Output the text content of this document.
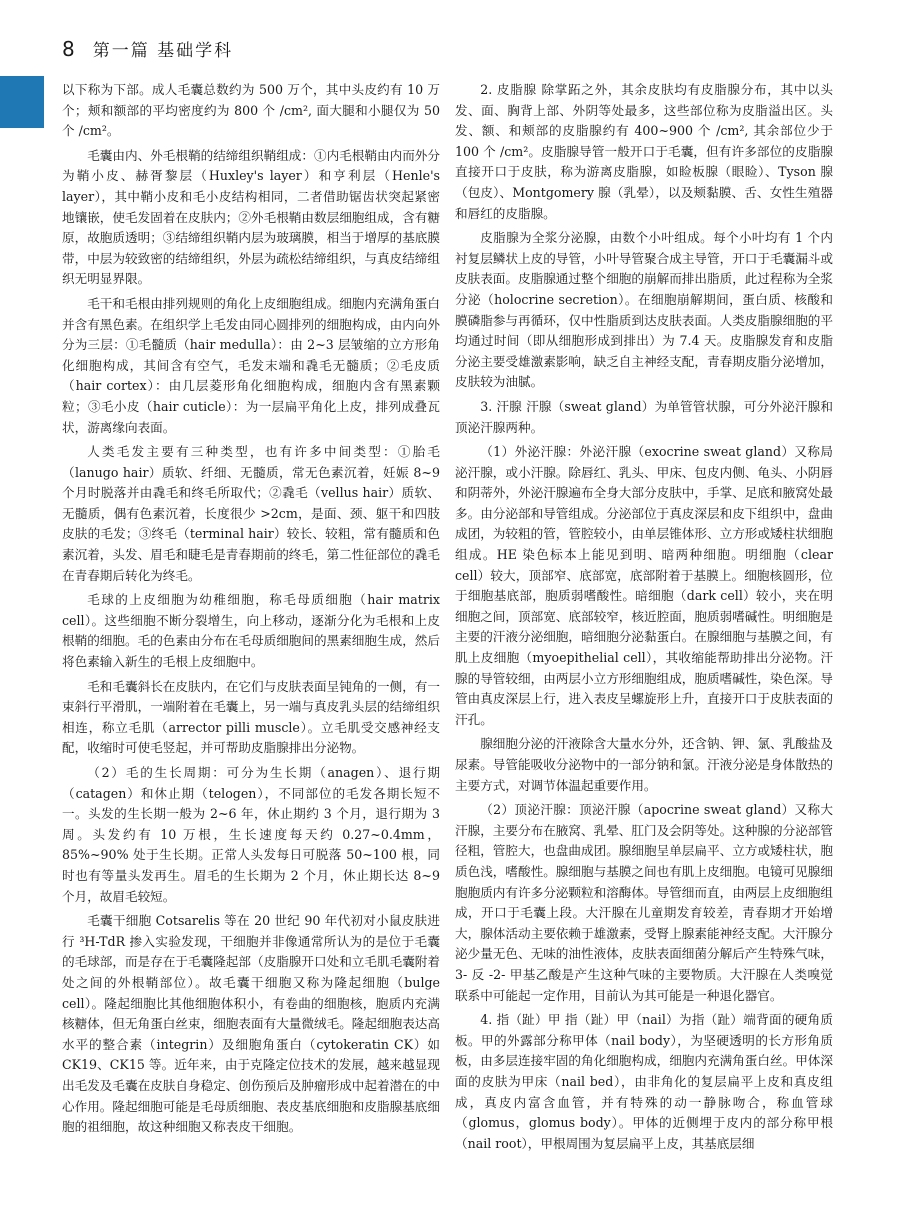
8 第一篇 基础学科

以下称为下部。成人毛囊总数约为 500 万个，其中头皮约有 10 万个；颊和额部的平均密度约为 800 个 /cm², 面大腿和小腿仅为 50 个 /cm²。

毛囊由内、外毛根鞘的结缔组织鞘组成：①内毛根鞘由内而外分为鞘小皮、赫胥黎层（Huxley's layer）和亨利层（Henle's layer），其中鞘小皮和毛小皮结构相同，二者借助锯齿状突起紧密地镶嵌，使毛发固着在皮肤内；②外毛根鞘由数层细胞组成，含有糖原，故胞质透明；③结缔组织鞘内层为玻璃膜，相当于增厚的基底膜带，中层为较致密的结缔组织，外层为疏松结缔组织，与真皮结缔组织无明显界限。

毛干和毛根由排列规则的角化上皮细胞组成。细胞内充满角蛋白并含有黑色素。在组织学上毛发由同心圆排列的细胞构成，由内向外分为三层：①毛髓质（hair medulla）：由 2~3 层皱缩的立方形角化细胞构成，其间含有空气，毛发末端和毳毛无髓质；②毛皮质（hair cortex）：由几层菱形角化细胞构成，细胞内含有黑素颗粒；③毛小皮（hair cuticle）：为一层扁平角化上皮，排列成叠瓦状，游离缘向表面。

人类毛发主要有三种类型，也有许多中间类型：①胎毛（lanugo hair）质软、纤细、无髓质，常无色素沉着，妊娠 8~9 个月时脱落并由毳毛和终毛所取代；②毳毛（vellus hair）质软、无髓质，偶有色素沉着，长度很少 >2cm，是面、颈、躯干和四肢皮肤的毛发；③终毛（terminal hair）较长、较粗，常有髓质和色素沉着，头发、眉毛和睫毛是青春期前的终毛，第二性征部位的毳毛在青春期后转化为终毛。

毛球的上皮细胞为幼稚细胞，称毛母质细胞（hair matrix cell）。这些细胞不断分裂增生，向上移动，逐渐分化为毛根和上皮根鞘的细胞。毛的色素由分布在毛母质细胞间的黑素细胞生成，然后将色素输入新生的毛根上皮细胞中。

毛和毛囊斜长在皮肤内，在它们与皮肤表面呈钝角的一侧，有一束斜行平滑肌，一端附着在毛囊上，另一端与真皮乳头层的结缔组织相连，称立毛肌（arrector pilli muscle）。立毛肌受交感神经支配，收缩时可使毛竖起，并可帮助皮脂腺排出分泌物。

（2）毛的生长周期：可分为生长期（anagen）、退行期（catagen）和休止期（telogen），不同部位的毛发各期长短不一。头发的生长期一般为 2~6 年，休止期约 3 个月，退行期为 3 周。头发约有 10 万根，生长速度每天约 0.27~0.4mm，85%~90% 处于生长期。正常人头发每日可脱落 50~100 根，同时也有等量头发再生。眉毛的生长期为 2 个月，休止期长达 8~9 个月，故眉毛较短。

毛囊干细胞 Cotsarelis 等在 20 世纪 90 年代初对小鼠皮肤进行 ³H-TdR 掺入实验发现，干细胞并非像通常所认为的是位于毛囊的毛球部，而是存在于毛囊隆起部（皮脂腺开口处和立毛肌毛囊附着处之间的外根鞘部位）。故毛囊干细胞又称为隆起细胞（bulge cell）。隆起细胞比其他细胞体积小，有卷曲的细胞核，胞质内充满核糖体，但无角蛋白丝束，细胞表面有大量微绒毛。隆起细胞表达高水平的整合素（integrin）及细胞角蛋白（cytokeratin CK）如 CK19、CK15 等。近年来，由于克隆定位技术的发展，越来越显现出毛发及毛囊在皮肤自身稳定、创伤预后及肿瘤形成中起着潜在的中心作用。隆起细胞可能是毛母质细胞、表皮基底细胞和皮脂腺基底细胞的祖细胞，故这种细胞又称表皮干细胞。

2. 皮脂腺 除掌跖之外，其余皮肤均有皮脂腺分布，其中以头发、面、胸背上部、外阴等处最多，这些部位称为皮脂溢出区。头发、额、和颊部的皮脂腺约有 400~900 个 /cm², 其余部位少于 100 个 /cm²。皮脂腺导管一般开口于毛囊，但有许多部位的皮脂腺直接开口于皮肤，称为游离皮脂腺，如睑板腺（眼睑）、Tyson 腺（包皮）、Montgomery 腺（乳晕），以及颊黏膜、舌、女性生殖器和唇红的皮脂腺。

皮脂腺为全浆分泌腺，由数个小叶组成。每个小叶均有 1 个内衬复层鳞状上皮的导管，小叶导管聚合成主导管，开口于毛囊漏斗或皮肤表面。皮脂腺通过整个细胞的崩解而排出脂质，此过程称为全浆分泌（holocrine secretion）。在细胞崩解期间，蛋白质、核酸和膜磷脂参与再循环，仅中性脂质到达皮肤表面。人类皮脂腺细胞的平均通过时间（即从细胞形成到排出）为 7.4 天。皮脂腺发育和皮脂分泌主要受雄激素影响，缺乏自主神经支配，青春期皮脂分泌增加，皮肤较为油腻。

3. 汗腺 汗腺（sweat gland）为单管管状腺，可分外泌汗腺和顶泌汗腺两种。

（1）外泌汗腺：外泌汗腺（exocrine sweat gland）又称局泌汗腺，或小汗腺。除唇红、乳头、甲床、包皮内侧、龟头、小阴唇和阴蒂外，外泌汗腺遍布全身大部分皮肤中，手掌、足底和腋窝处最多。由分泌部和导管组成。分泌部位于真皮深层和皮下组织中，盘曲成团，为较粗的管，管腔较小，由单层锥体形、立方形或矮柱状细胞组成。HE 染色标本上能见到明、暗两种细胞。明细胞（clear cell）较大，顶部窄、底部宽，底部附着于基膜上。细胞核圆形，位于细胞基底部，胞质弱嗜酸性。暗细胞（dark cell）较小，夹在明细胞之间，顶部宽、底部较窄，核近腔面，胞质弱嗜碱性。明细胞是主要的汗液分泌细胞，暗细胞分泌黏蛋白。在腺细胞与基膜之间，有肌上皮细胞（myoepithelial cell），其收缩能帮助排出分泌物。汗腺的导管较细，由两层小立方形细胞组成，胞质嗜碱性，染色深。导管由真皮深层上行，进入表皮呈螺旋形上升，直接开口于皮肤表面的汗孔。

腺细胞分泌的汗液除含大量水分外，还含钠、钾、氯、乳酸盐及尿素。导管能吸收分泌物中的一部分钠和氯。汗液分泌是身体散热的主要方式，对调节体温起重要作用。

（2）顶泌汗腺：顶泌汗腺（apocrine sweat gland）又称大汗腺，主要分布在腋窝、乳晕、肛门及会阴等处。这种腺的分泌部管径粗，管腔大，也盘曲成团。腺细胞呈单层扁平、立方或矮柱状，胞质色浅，嗜酸性。腺细胞与基膜之间也有肌上皮细胞。电镜可见腺细胞胞质内有许多分泌颗粒和溶酶体。导管细而直，由两层上皮细胞组成，开口于毛囊上段。大汗腺在儿童期发育较差，青春期才开始增大，腺体活动主要依赖于雄激素，受腎上腺素能神经支配。大汗腺分泌少量无色、无味的油性液体，皮肤表面细菌分解后产生特殊气味，3- 反 -2- 甲基乙酸是产生这种气味的主要物质。大汗腺在人类嗅觉联系中可能起一定作用，目前认为其可能是一种退化器官。

4. 指（趾）甲 指（趾）甲（nail）为指（趾）端背面的硬角质板。甲的外露部分称甲体（nail body），为坚硬透明的长方形角质板，由多层连接牢固的角化细胞构成，细胞内充满角蛋白丝。甲体深面的皮肤为甲床（nail bed），由非角化的复层扁平上皮和真皮组成，真皮内富含血管，并有特殊的动一静脉吻合，称血管球（glomus，glomus body）。甲体的近侧埋于皮内的部分称甲根（nail root），甲根周围为复层扁平上皮，其基底层细
